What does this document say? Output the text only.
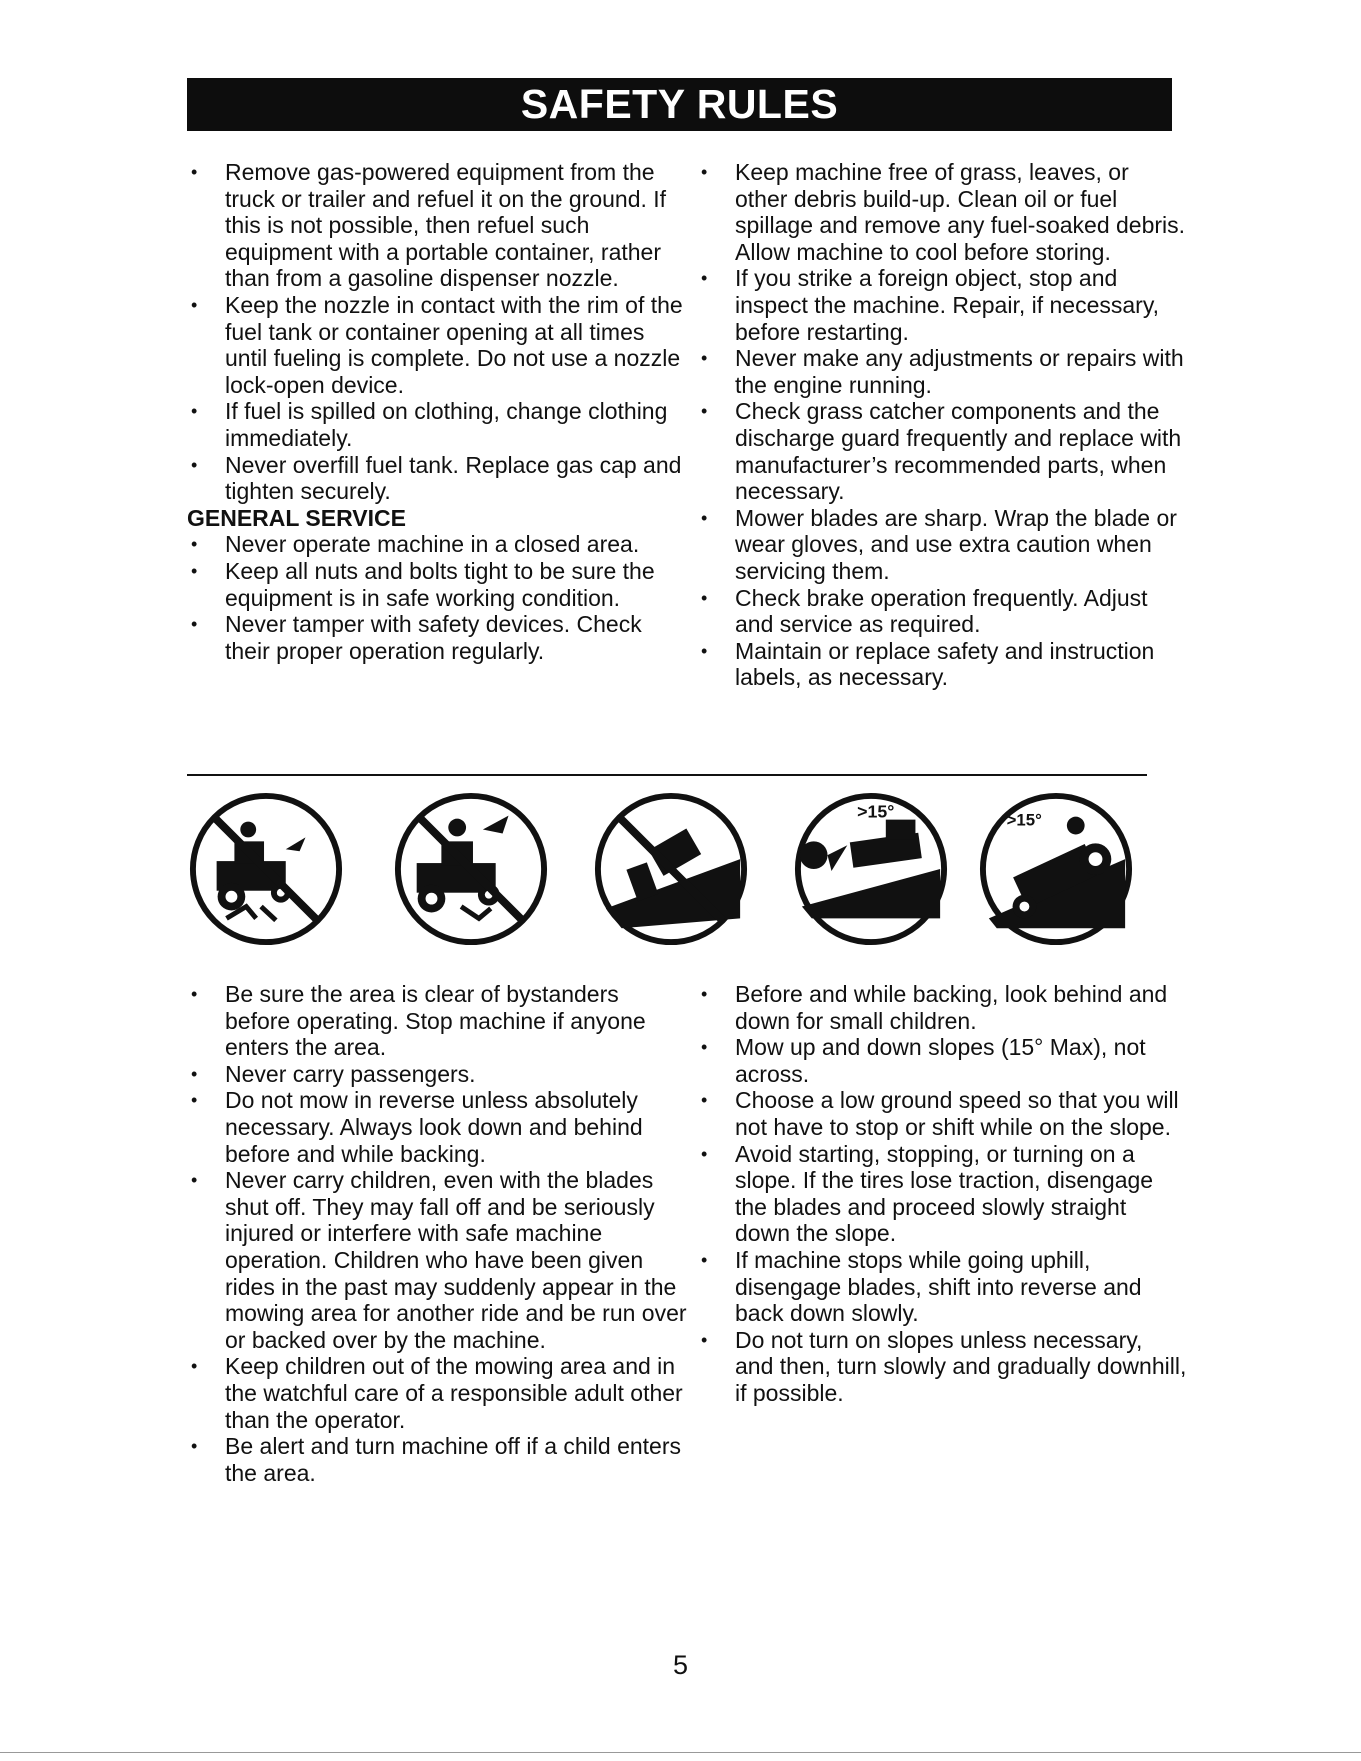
SAFETY RULES
• Remove gas-powered equipment from the truck or trailer and refuel it on the ground. If this is not possible, then refuel such equipment with a portable container, rather than from a gasoline dispenser nozzle.
• Keep the nozzle in contact with the rim of the fuel tank or container opening at all times until fueling is complete. Do not use a nozzle lock-open device.
• If fuel is spilled on clothing, change clothing immediately.
• Never overfill fuel tank. Replace gas cap and tighten securely.
GENERAL SERVICE
• Never operate machine in a closed area.
• Keep all nuts and bolts tight to be sure the equipment is in safe working condition.
• Never tamper with safety devices. Check their proper operation regularly.
• Keep machine free of grass, leaves, or other debris build-up. Clean oil or fuel spillage and remove any fuel-soaked debris. Allow machine to cool before storing.
• If you strike a foreign object, stop and inspect the machine. Repair, if necessary, before restarting.
• Never make any adjustments or repairs with the engine running.
• Check grass catcher components and the discharge guard frequently and replace with manufacturer’s recommended parts, when necessary.
• Mower blades are sharp. Wrap the blade or wear gloves, and use extra caution when servicing them.
• Check brake operation frequently. Adjust and service as required.
• Maintain or replace safety and instruction labels, as necessary.
>15°	>15°
• Be sure the area is clear of bystanders before operating. Stop machine if anyone enters the area.
• Never carry passengers.
• Do not mow in reverse unless absolutely necessary. Always look down and behind before and while backing.
• Never carry children, even with the blades shut off. They may fall off and be seriously injured or interfere with safe machine operation. Children who have been given rides in the past may suddenly appear in the mowing area for another ride and be run over or backed over by the machine.
• Keep children out of the mowing area and in the watchful care of a responsible adult other than the operator.
• Be alert and turn machine off if a child enters the area.
• Before and while backing, look behind and down for small children.
• Mow up and down slopes (15° Max), not across.
• Choose a low ground speed so that you will not have to stop or shift while on the slope.
• Avoid starting, stopping, or turning on a slope. If the tires lose traction, disengage the blades and proceed slowly straight down the slope.
• If machine stops while going uphill, disengage blades, shift into reverse and back down slowly.
• Do not turn on slopes unless necessary, and then, turn slowly and gradually downhill, if possible.
5
